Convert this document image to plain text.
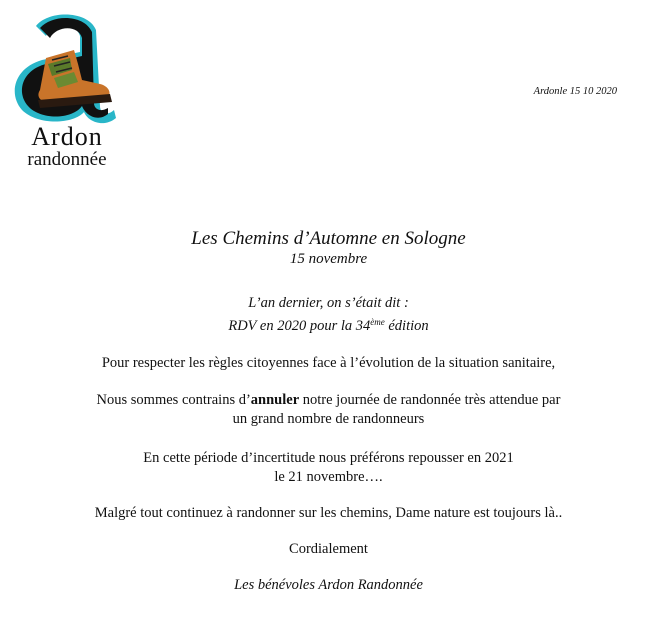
Ardon
randonnée
Ardonle 15 10 2020
Les Chemins d’Automne en Sologne
15 novembre
L’an dernier, on s’était dit :
RDV en 2020 pour la 34ème édition
Pour respecter les règles citoyennes face à l’évolution de la situation sanitaire,
Nous sommes contrains d’annuler notre journée de randonnée très attendue par
un grand nombre de randonneurs
En cette période d’incertitude nous préférons repousser en 2021
le 21 novembre….
Malgré tout continuez à randonner sur les chemins, Dame nature est toujours là..
Cordialement
Les bénévoles Ardon Randonnée
